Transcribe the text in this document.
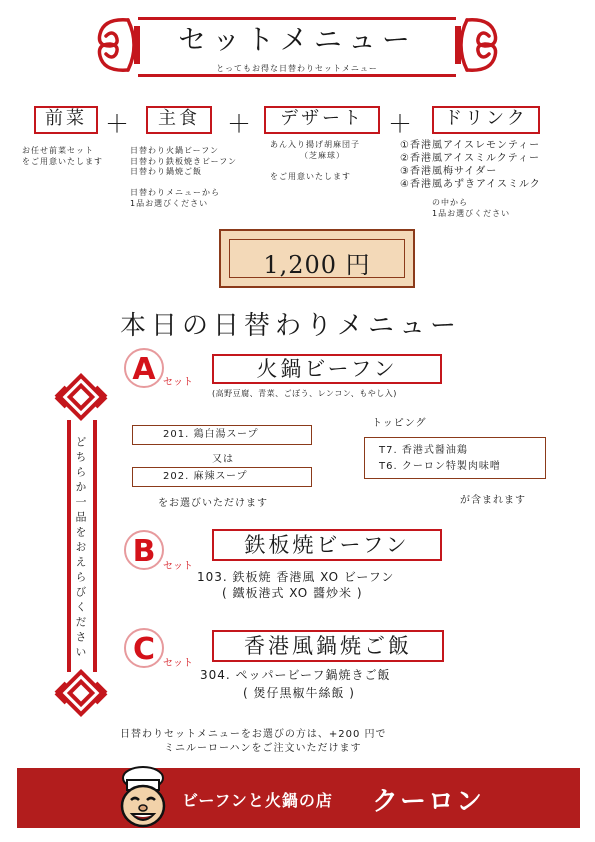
セットメニュー
とってもお得な日替わりセットメニュー
前菜 ＋	主食	＋	デザート	＋	ドリンク
お任せ前菜セット
をご用意いたします
日替わり火鍋ビーフン
日替わり鉄板焼きビーフン
日替わり鍋焼ご飯
日替わりメニューから
1品お選びください
あん入り揚げ胡麻団子
（芝麻球）
をご用意いたします
①香港風アイスレモンティー
②香港風アイスミルクティー
③香港風梅サイダー
④香港風あずきアイスミルク
の中から
1品お選びください
1,200 円
本日の日替わりメニュー
どちらか一品をおえらびください
A セット
火鍋ビーフン
(高野豆腐、青菜、ごぼう、レンコン、もやし入)
201. 鶏白湯スープ
又は
202. 麻辣スープ
をお選びいただけます
トッピング
T7. 香港式醤油鶏
T6. クーロン特製肉味噌
が含まれます
B セット
鉄板焼ビーフン
103. 鉄板焼 香港風 XO ビーフン
( 鐵板港式 XO 醬炒米 )
C セット
香港風鍋焼ご飯
304. ペッパービーフ鍋焼きご飯
( 煲仔黒椒牛絲飯 )
日替わりセットメニューをお選びの方は、+200 円で
ミニルーローハンをご注文いただけます
ビーフンと火鍋の店 クーロン
